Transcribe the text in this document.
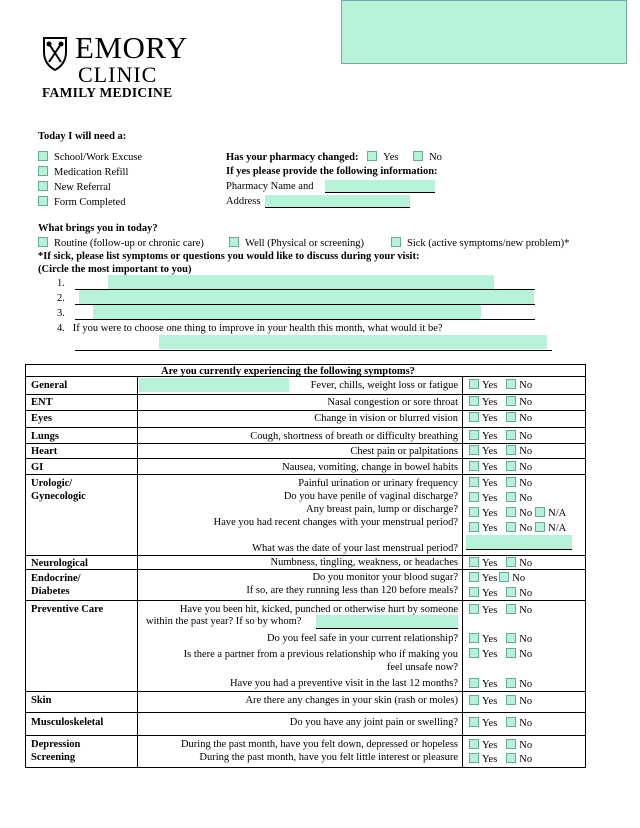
EMORY
CLINIC
FAMILY MEDICINE
Today I will need a:
School/Work Excuse
Medication Refill
New Referral
Form Completed
Has your pharmacy changed: Yes	No
If yes please provide the following information:
Pharmacy Name and
Address
What brings you in today?
Routine (follow-up or chronic care)	Well (Physical or screening)	Sick (active symptoms/new problem)*
*If sick, please list symptoms or questions you would like to discuss during your visit:
(Circle the most important to you)
1.
2.
3.
4. If you were to choose one thing to improve in your health this month, what would it be?
Are you currently experiencing the following symptoms?
General	Fever, chills, weight loss or fatigue	Yes No
ENT	Nasal congestion or sore throat	Yes No
Eyes	Change in vision or blurred vision	Yes No
Lungs	Cough, shortness of breath or difficulty breathing	Yes No
Heart	Chest pain or palpitations	Yes No
GI	Nausea, vomiting, change in bowel habits	Yes No
Urologic/
Gynecologic
Painful urination or urinary frequency	Yes No
Do you have penile of vaginal discharge?	Yes No
Any breast pain, lump or discharge?	Yes No N/A
Have you had recent changes with your menstrual period?
Yes No N/A
What was the date of your last menstrual period?
Neurological	Numbness, tingling, weakness, or headaches	Yes No
Endocrine/
Diabetes
Do you monitor your blood sugar?	Yes No
If so, are they running less than 120 before meals?	Yes No
Preventive Care	Have you been hit, kicked, punched or otherwise hurt by someone
within the past year? If so by whom?
Yes No
Do you feel safe in your current relationship?	Yes No
Is there a partner from a previous relationship who if making you
feel unsafe now?
Yes No
Have you had a preventive visit in the last 12 months?	Yes No
Skin	Are there any changes in your skin (rash or moles)	Yes No
Musculoskeletal	Do you have any joint pain or swelling?	Yes No
Depression
Screening
During the past month, have you felt down, depressed or hopeless	Yes No
During the past month, have you felt little interest or pleasure	Yes No
